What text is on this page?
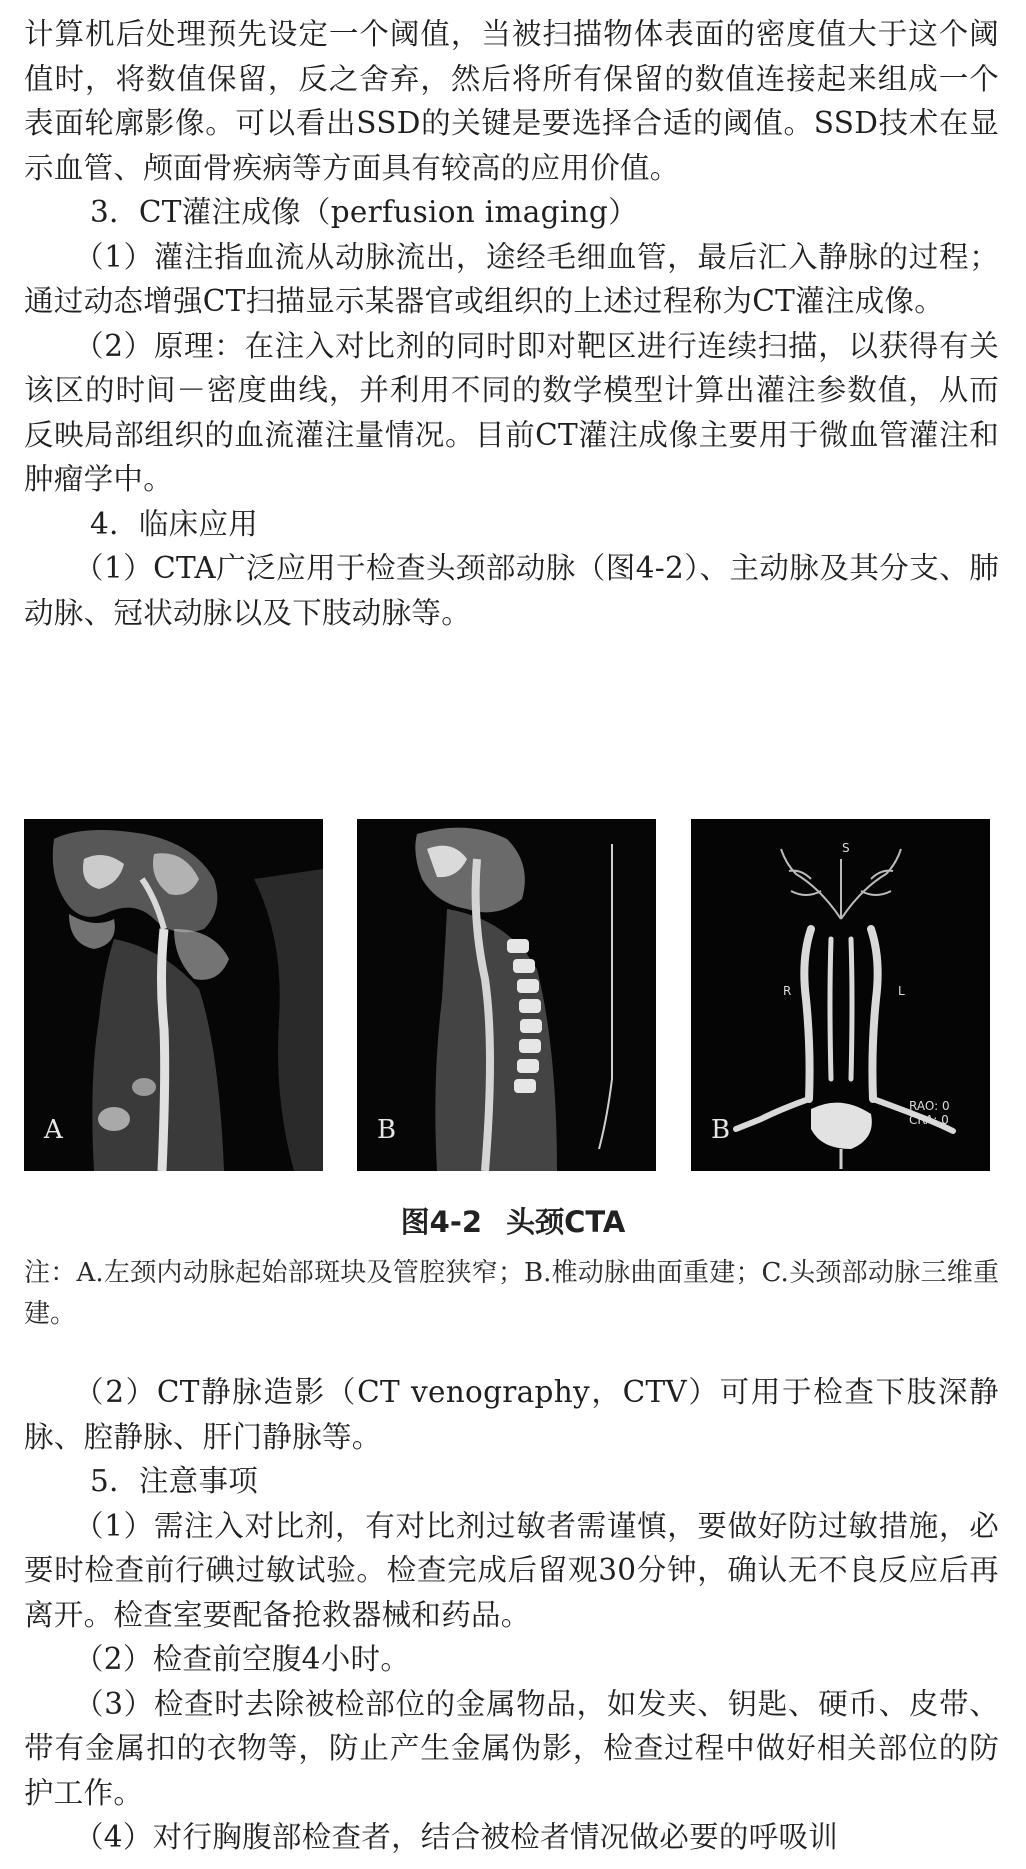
计算机后处理预先设定一个阈值，当被扫描物体表面的密度值大于这个阈值时，将数值保留，反之舍弃，然后将所有保留的数值连接起来组成一个表面轮廓影像。可以看出SSD的关键是要选择合适的阈值。SSD技术在显示血管、颅面骨疾病等方面具有较高的应用价值。

3．CT灌注成像（perfusion imaging）

（1）灌注指血流从动脉流出，途经毛细血管，最后汇入静脉的过程；通过动态增强CT扫描显示某器官或组织的上述过程称为CT灌注成像。

（2）原理：在注入对比剂的同时即对靶区进行连续扫描，以获得有关该区的时间－密度曲线，并利用不同的数学模型计算出灌注参数值，从而反映局部组织的血流灌注量情况。目前CT灌注成像主要用于微血管灌注和肿瘤学中。

4．临床应用

（1）CTA广泛应用于检查头颈部动脉（图4-2）、主动脉及其分支、肺动脉、冠状动脉以及下肢动脉等。

A	B
S
R	L
RAO: 0
CRA: 0
B
图4-2 头颈CTA
注：A.左颈内动脉起始部斑块及管腔狭窄；B.椎动脉曲面重建；C.头颈部动脉三维重建。

（2）CT静脉造影（CT venography，CTV）可用于检查下肢深静脉、腔静脉、肝门静脉等。

5．注意事项

（1）需注入对比剂，有对比剂过敏者需谨慎，要做好防过敏措施，必要时检查前行碘过敏试验。检查完成后留观30分钟，确认无不良反应后再离开。检查室要配备抢救器械和药品。

（2）检查前空腹4小时。

（3）检查时去除被检部位的金属物品，如发夹、钥匙、硬币、皮带、带有金属扣的衣物等，防止产生金属伪影，检查过程中做好相关部位的防护工作。

（4）对行胸腹部检查者，结合被检者情况做必要的呼吸训
